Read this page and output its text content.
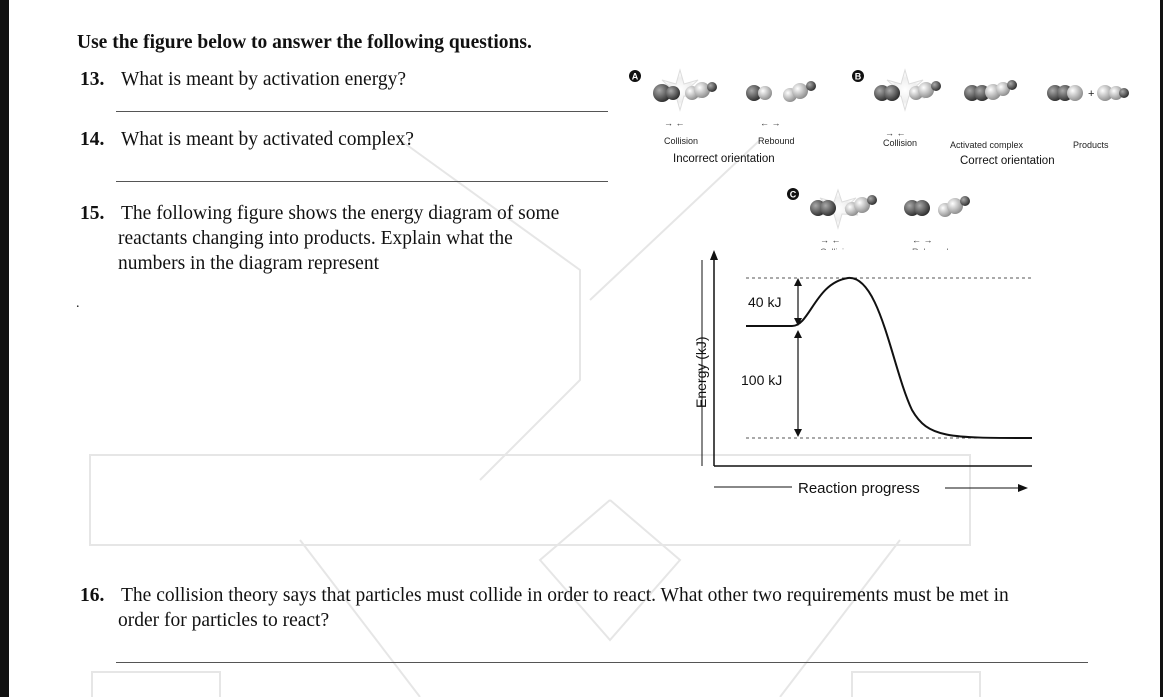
Use the figure below to answer the following questions.
13. What is meant by activation energy?
14. What is meant by activated complex?
15. The following figure shows the energy diagram of some
reactants changing into products. Explain what the
numbers in the diagram represent
.
16. The collision theory says that particles must collide in order to react. What other two requirements must be met in
order for particles to react?
A
→ ←	← →
Collision	Rebound
Incorrect orientation
B
+
→ ←
Collision	Activated complex	Products
Correct orientation
C
→ ←	← →
Energy (kJ)
Reaction progress
40 kJ
100 kJ
